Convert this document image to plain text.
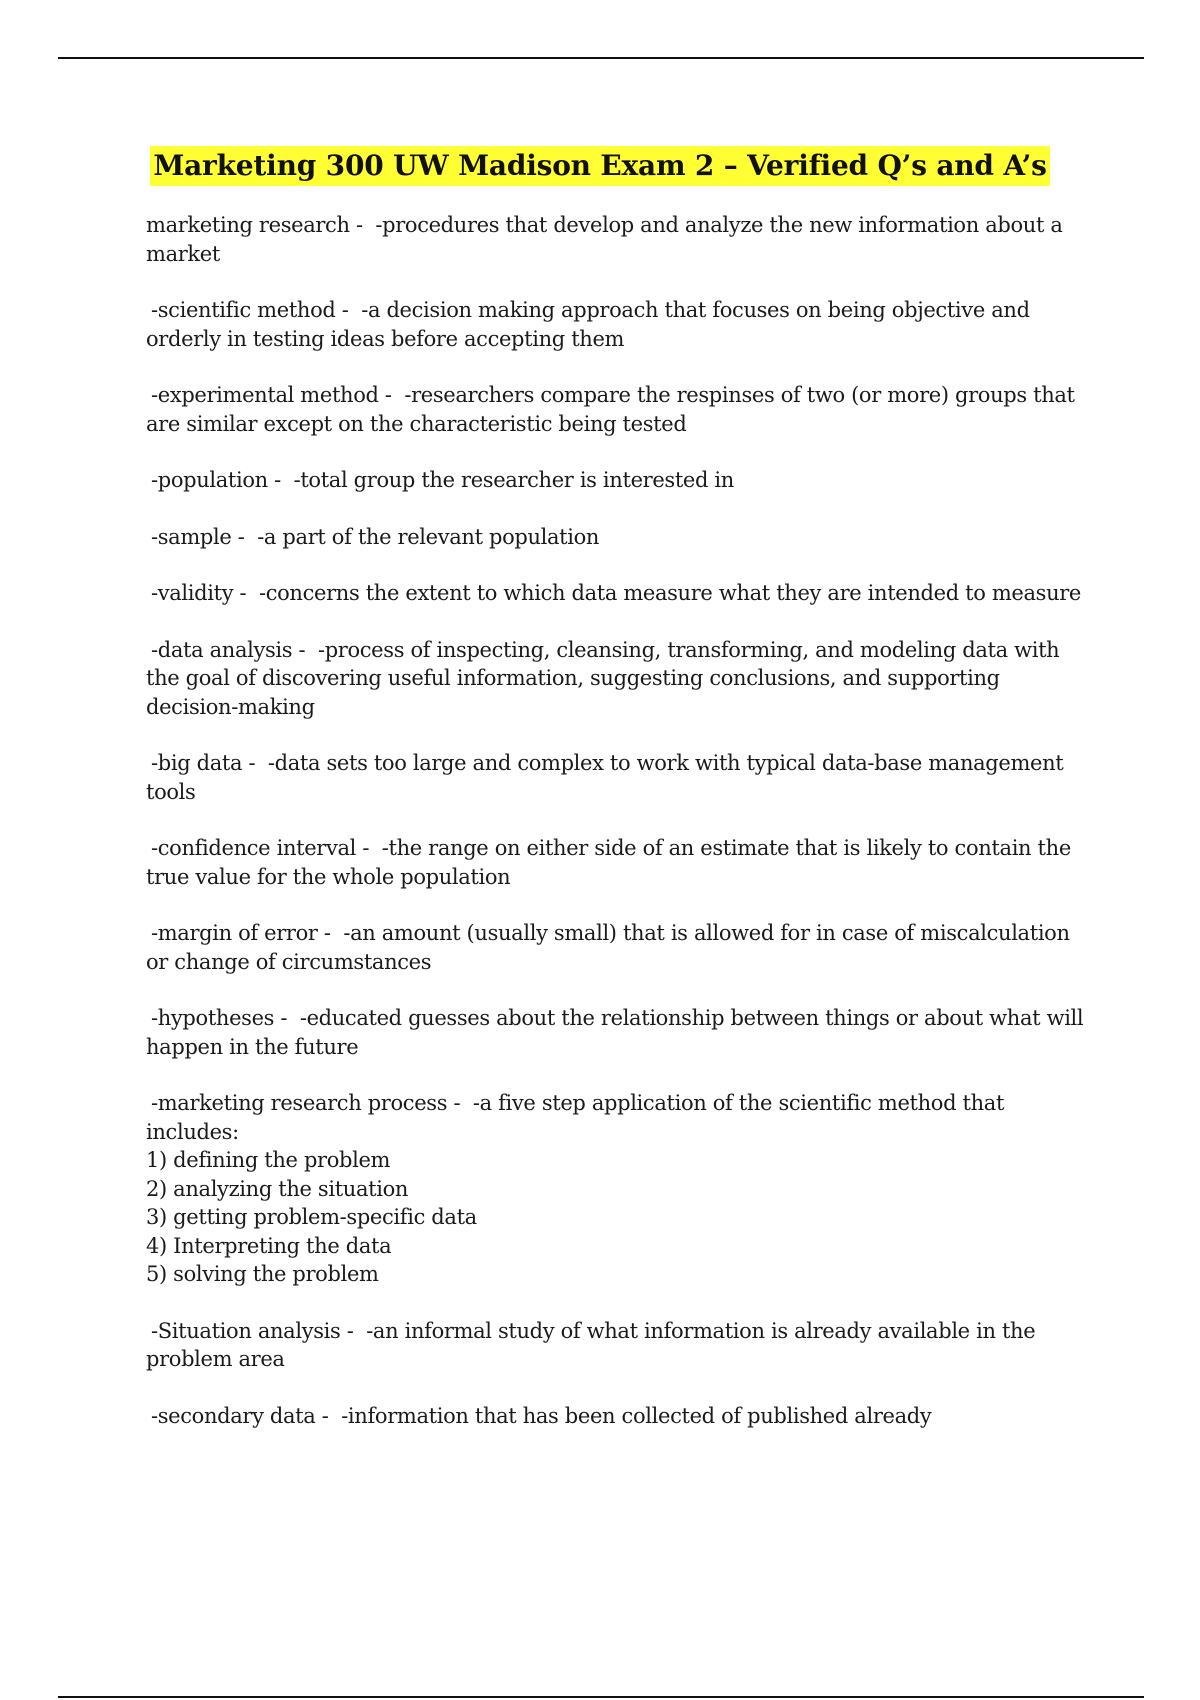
Marketing 300 UW Madison Exam 2 – Verified Q’s and A’s
marketing research -  -procedures that develop and analyze the new information about a market
-scientific method -  -a decision making approach that focuses on being objective and orderly in testing ideas before accepting them
-experimental method -  -researchers compare the respinses of two (or more) groups that are similar except on the characteristic being tested
-population -  -total group the researcher is interested in
-sample -  -a part of the relevant population
-validity -  -concerns the extent to which data measure what they are intended to measure
-data analysis -  -process of inspecting, cleansing, transforming, and modeling data with the goal of discovering useful information, suggesting conclusions, and supporting decision-making
-big data -  -data sets too large and complex to work with typical data-base management tools
-confidence interval -  -the range on either side of an estimate that is likely to contain the true value for the whole population
-margin of error -  -an amount (usually small) that is allowed for in case of miscalculation or change of circumstances
-hypotheses -  -educated guesses about the relationship between things or about what will happen in the future
-marketing research process -  -a five step application of the scientific method that includes:
1) defining the problem
2) analyzing the situation
3) getting problem-specific data
4) Interpreting the data
5) solving the problem
-Situation analysis -  -an informal study of what information is already available in the problem area
-secondary data -  -information that has been collected of published already
